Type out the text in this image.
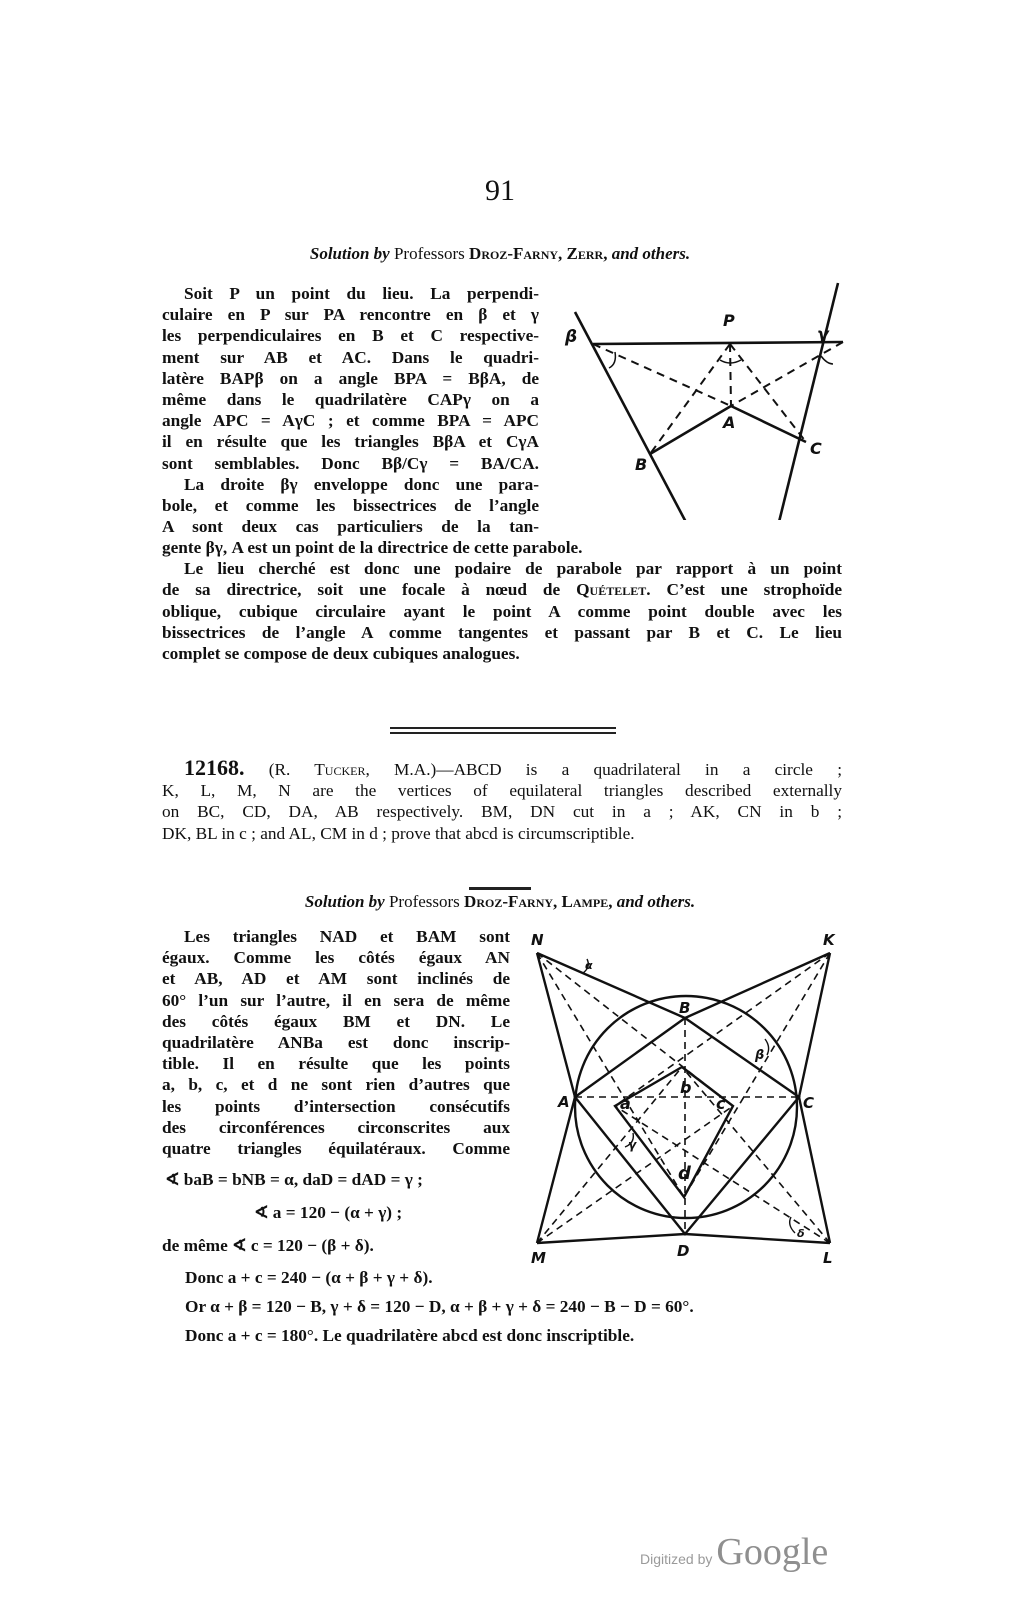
91
Solution by Professors Droz-Farny, Zerr, and others.
Soit P un point du lieu. La perpendi-
culaire en P sur PA rencontre en β et γ
les perpendiculaires en B et C respective-
ment sur AB et AC. Dans le quadri-
latère BAPβ on a angle BPA = BβA, de
même dans le quadrilatère CAPγ on a
angle APC = AγC ; et comme BPA = APC
il en résulte que les triangles BβA et CγA
sont semblables. Donc Bβ/Cγ = BA/CA.
La droite βγ enveloppe donc une para-
bole, et comme les bissectrices de l’angle
A sont deux cas particuliers de la tan-
gente βγ, A est un point de la directrice de cette parabole.
Le lieu cherché est donc une podaire de parabole par rapport à un point
de sa directrice, soit une focale à nœud de Quételet. C’est une strophoïde
oblique, cubique circulaire ayant le point A comme point double avec les
bissectrices de l’angle A comme tangentes et passant par B et C. Le lieu
complet se compose de deux cubiques analogues.
β
P
γ
A
B
C
12168. (R. Tucker, M.A.)—ABCD is a quadrilateral in a circle ;
K, L, M, N are the vertices of equilateral triangles described externally
on BC, CD, DA, AB respectively. BM, DN cut in a ; AK, CN in b ;
DK, BL in c ; and AL, CM in d ; prove that abcd is circumscriptible.
Solution by Professors Droz-Farny, Lampe, and others.
Les triangles NAD et BAM sont
égaux. Comme les côtés égaux AN
et AB, AD et AM sont inclinés de
60° l’un sur l’autre, il en sera de même
des côtés égaux BM et DN. Le
quadrilatère ANBa est donc inscrip-
tible. Il en résulte que les points
a, b, c, et d ne sont rien d’autres que
les points d’intersection consécutifs
des circonférences circonscrites aux
quatre triangles équilatéraux. Comme
∢ baB = bNB = α, daD = dAD = γ ;
∢ a = 120 − (α + γ) ;
de même ∢ c = 120 − (β + δ).
Donc a + c = 240 − (α + β + γ + δ).
Or α + β = 120 − B, γ + δ = 120 − D, α + β + γ + δ = 240 − B − D = 60°.
Donc a + c = 180°. Le quadrilatère abcd est donc inscriptible.
N	K
B
A	C
D
M	L
b
a	c
d
α
β
γ
δ
Digitized by Google
